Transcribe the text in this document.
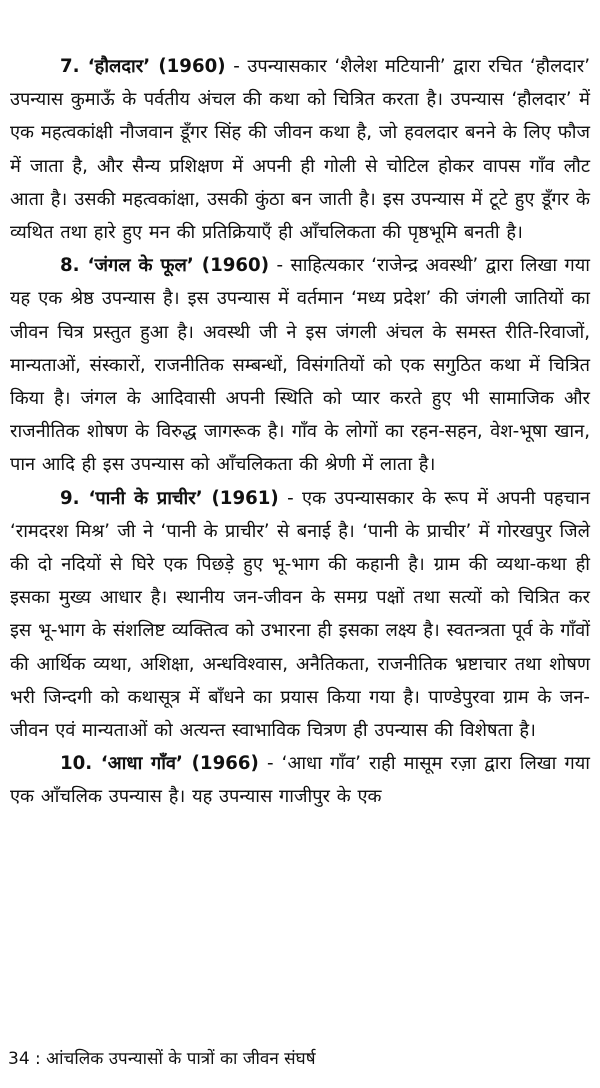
7. ‘हौलदार’ (1960) - उपन्यासकार ‘शैलेश मटियानी’ द्वारा रचित ‘हौलदार’ उपन्यास कुमाऊँ के पर्वतीय अंचल की कथा को चित्रित करता है। उपन्यास ‘हौलदार’ में एक महत्वकांक्षी नौजवान डूँगर सिंह की जीवन कथा है, जो हवलदार बनने के लिए फौज में जाता है, और सैन्य प्रशिक्षण में अपनी ही गोली से चोटिल होकर वापस गाँव लौट आता है। उसकी महत्वकांक्षा, उसकी कुंठा बन जाती है। इस उपन्यास में टूटे हुए डूँगर के व्यथित तथा हारे हुए मन की प्रतिक्रियाएँ ही आँचलिकता की पृष्ठभूमि बनती है।

8. ‘जंगल के फूल’ (1960) - साहित्यकार ‘राजेन्द्र अवस्थी’ द्वारा लिखा गया यह एक श्रेष्ठ उपन्यास है। इस उपन्यास में वर्तमान ‘मध्य प्रदेश’ की जंगली जातियों का जीवन चित्र प्रस्तुत हुआ है। अवस्थी जी ने इस जंगली अंचल के समस्त रीति-रिवाजों, मान्यताओं, संस्कारों, राजनीतिक सम्बन्धों, विसंगतियों को एक सगुठित कथा में चित्रित किया है। जंगल के आदिवासी अपनी स्थिति को प्यार करते हुए भी सामाजिक और राजनीतिक शोषण के विरुद्ध जागरूक है। गाँव के लोगों का रहन-सहन, वेश-भूषा खान, पान आदि ही इस उपन्यास को आँचलिकता की श्रेणी में लाता है।

9. ‘पानी के प्राचीर’ (1961) - एक उपन्यासकार के रूप में अपनी पहचान ‘रामदरश मिश्र’ जी ने ‘पानी के प्राचीर’ से बनाई है। ‘पानी के प्राचीर’ में गोरखपुर जिले की दो नदियों से घिरे एक पिछड़े हुए भू-भाग की कहानी है। ग्राम की व्यथा-कथा ही इसका मुख्य आधार है। स्थानीय जन-जीवन के समग्र पक्षों तथा सत्यों को चित्रित कर इस भू-भाग के संशलिष्ट व्यक्तित्व को उभारना ही इसका लक्ष्य है। स्वतन्त्रता पूर्व के गाँवों की आर्थिक व्यथा, अशिक्षा, अन्धविश्वास, अनैतिकता, राजनीतिक भ्रष्टाचार तथा शोषण भरी जिन्दगी को कथासूत्र में बाँधने का प्रयास किया गया है। पाण्डेपुरवा ग्राम के जन-जीवन एवं मान्यताओं को अत्यन्त स्वाभाविक चित्रण ही उपन्यास की विशेषता है।

10. ‘आधा गाँव’ (1966) - ‘आधा गाँव’ राही मासूम रज़ा द्वारा लिखा गया एक आँचलिक उपन्यास है। यह उपन्यास गाजीपुर के एक

34 : आंचलिक उपन्यासों के पात्रों का जीवन संघर्ष
